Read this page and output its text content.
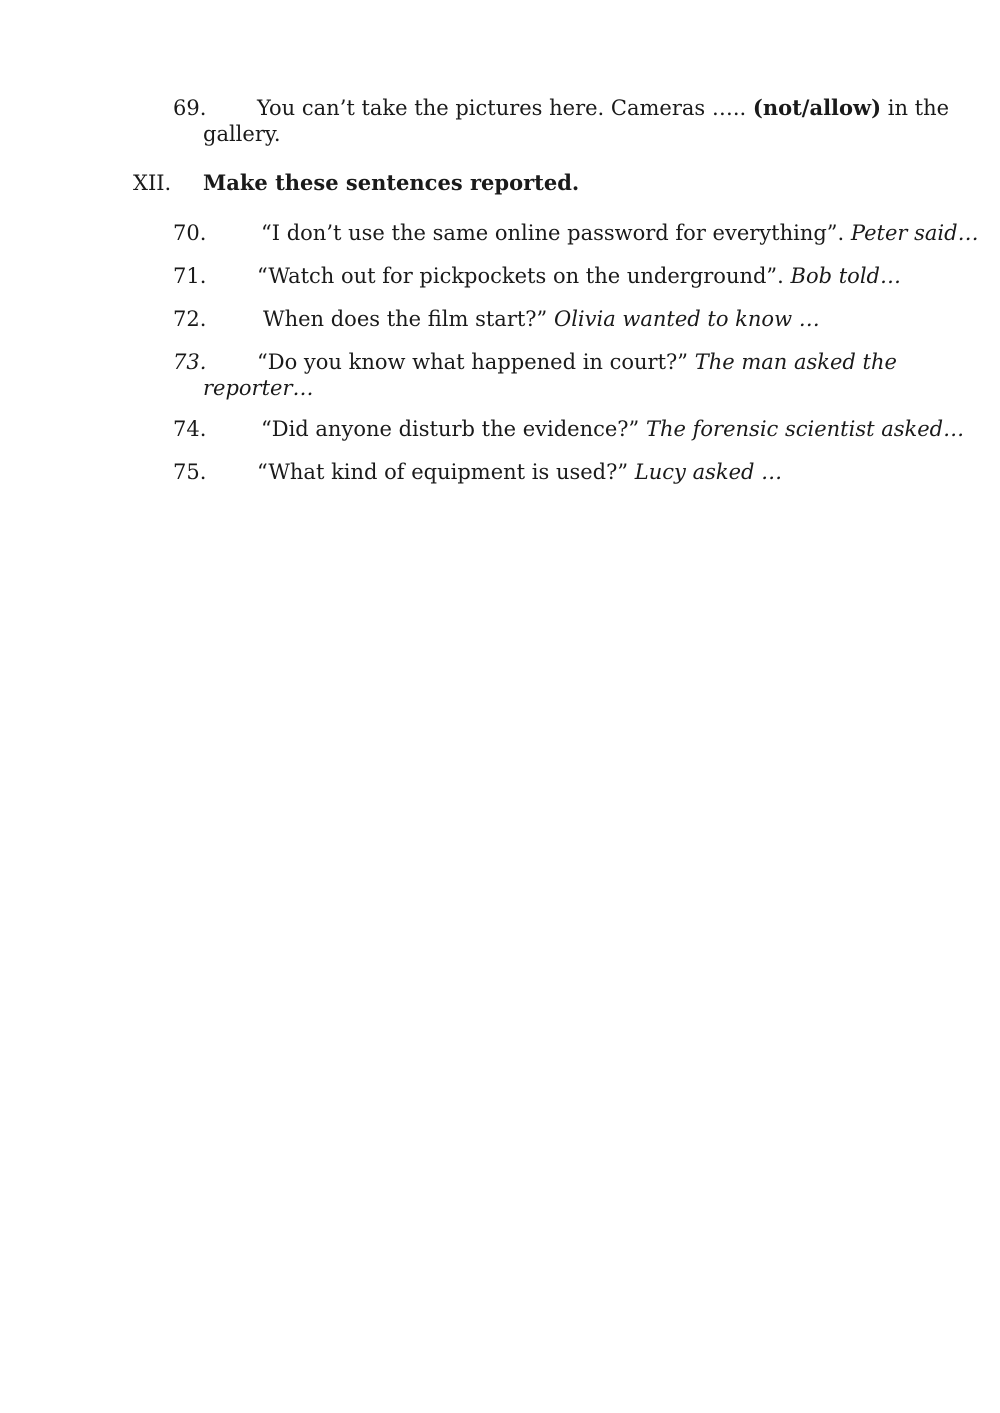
69. You can’t take the pictures here. Cameras ….. (not/allow) in the
gallery.
XII. Make these sentences reported.
70.	“I don’t use the same online password for everything”. Peter said…
71. “Watch out for pickpockets on the underground”. Bob told…
72.	When does the film start?” Olivia wanted to know …
73. “Do you know what happened in court?” The man asked the
reporter…
74.	“Did anyone disturb the evidence?” The forensic scientist asked…
75. “What kind of equipment is used?” Lucy asked …
